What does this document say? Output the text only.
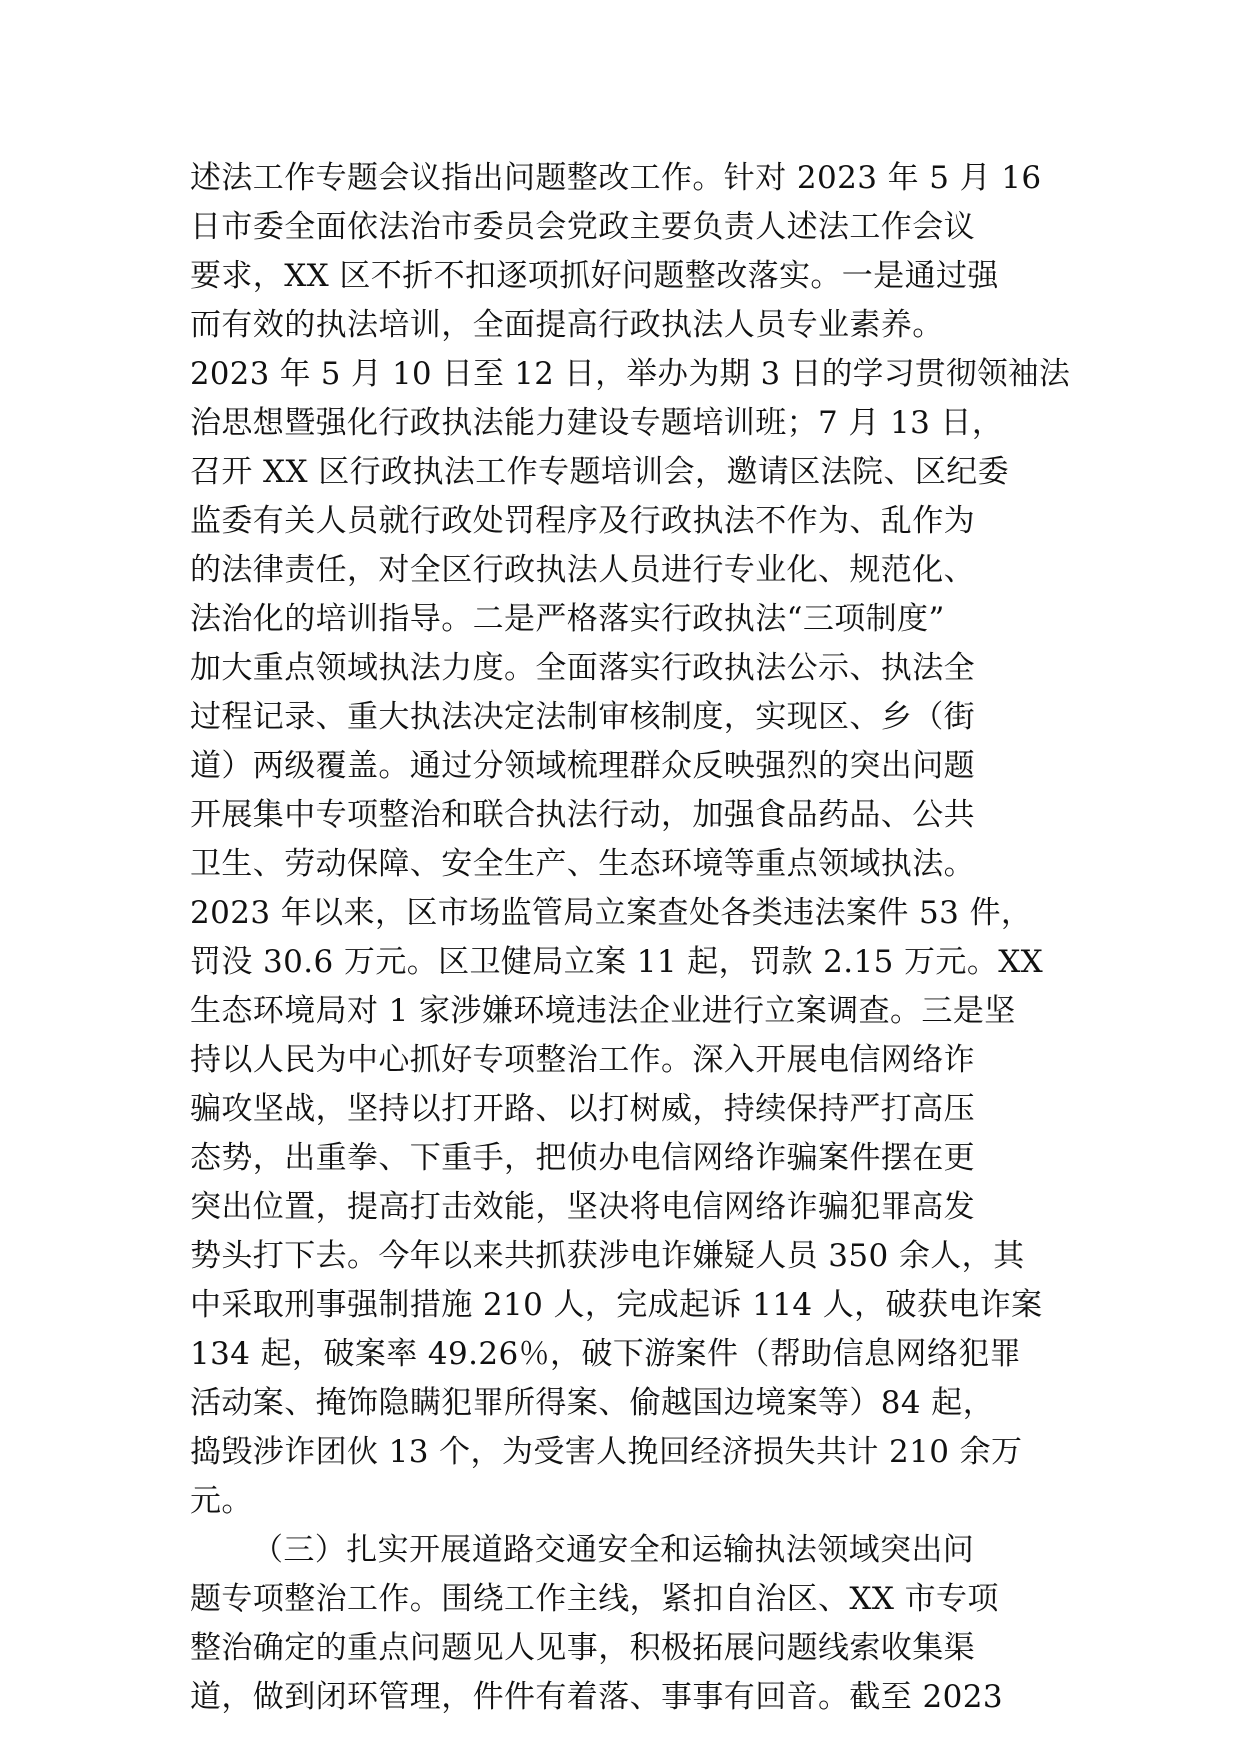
述法工作专题会议指出问题整改工作。针对 2023 年 5 月 16
日市委全面依法治市委员会党政主要负责人述法工作会议
要求，XX 区不折不扣逐项抓好问题整改落实。一是通过强
而有效的执法培训，全面提高行政执法人员专业素养。
2023 年 5 月 10 日至 12 日，举办为期 3 日的学习贯彻领袖法
治思想暨强化行政执法能力建设专题培训班；7 月 13 日，
召开 XX 区行政执法工作专题培训会，邀请区法院、区纪委
监委有关人员就行政处罚程序及行政执法不作为、乱作为
的法律责任，对全区行政执法人员进行专业化、规范化、
法治化的培训指导。二是严格落实行政执法“三项制度”
加大重点领域执法力度。全面落实行政执法公示、执法全
过程记录、重大执法决定法制审核制度，实现区、乡（街
道）两级覆盖。通过分领域梳理群众反映强烈的突出问题
开展集中专项整治和联合执法行动，加强食品药品、公共
卫生、劳动保障、安全生产、生态环境等重点领域执法。
2023 年以来，区市场监管局立案查处各类违法案件 53 件，
罚没 30.6 万元。区卫健局立案 11 起，罚款 2.15 万元。XX
生态环境局对 1 家涉嫌环境违法企业进行立案调查。三是坚
持以人民为中心抓好专项整治工作。深入开展电信网络诈
骗攻坚战，坚持以打开路、以打树威，持续保持严打高压
态势，出重拳、下重手，把侦办电信网络诈骗案件摆在更
突出位置，提高打击效能，坚决将电信网络诈骗犯罪高发
势头打下去。今年以来共抓获涉电诈嫌疑人员 350 余人，其
中采取刑事强制措施 210 人，完成起诉 114 人，破获电诈案
134 起，破案率 49.26％，破下游案件（帮助信息网络犯罪
活动案、掩饰隐瞒犯罪所得案、偷越国边境案等）84 起，
捣毁涉诈团伙 13 个，为受害人挽回经济损失共计 210 余万
元。
（三）扎实开展道路交通安全和运输执法领域突出问
题专项整治工作。围绕工作主线，紧扣自治区、XX 市专项
整治确定的重点问题见人见事，积极拓展问题线索收集渠
道，做到闭环管理，件件有着落、事事有回音。截至 2023
